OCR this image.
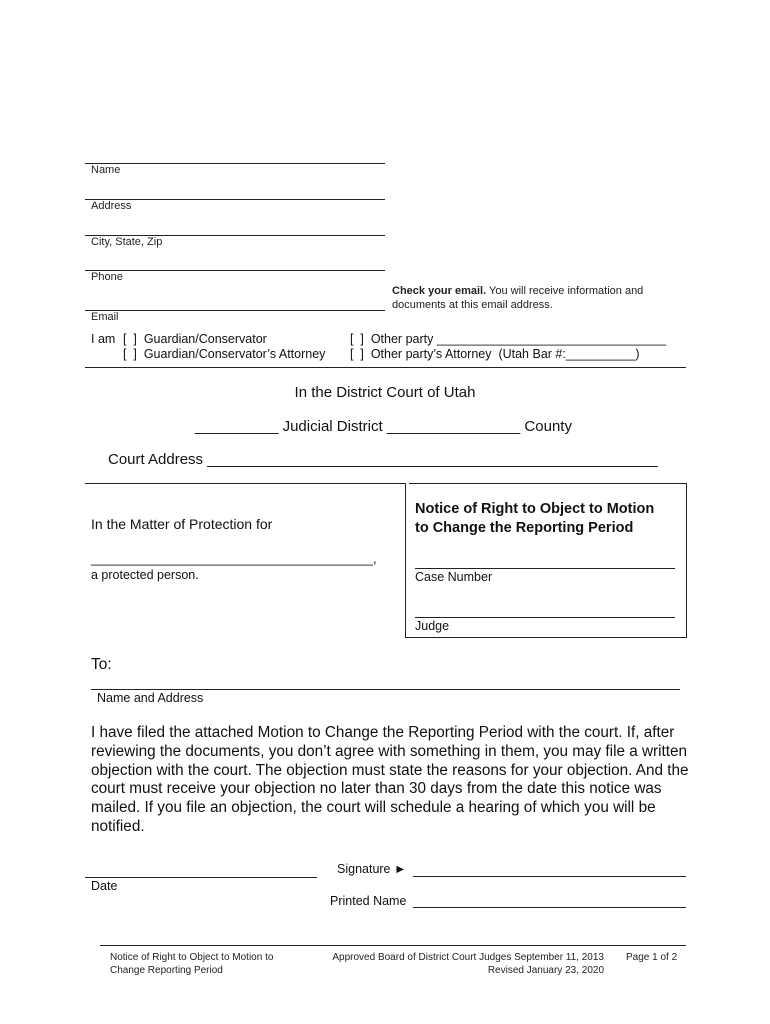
Name
Address
City, State, Zip
Phone
Check your email. You will receive information and
documents at this email address.
Email
I am [  ]  Guardian/Conservator
[  ]  Guardian/Conservator’s Attorney
[  ]  Other party _________________________________
[  ]  Other party’s Attorney  (Utah Bar #:__________)
In the District Court of Utah
__________ Judicial District ________________ County
Court Address ______________________________________________________
In the Matter of Protection for
_______________________________________,
a protected person.
Notice of Right to Object to Motion
to Change the Reporting Period
Case Number
Judge
To:
Name and Address
I have filed the attached Motion to Change the Reporting Period with the court. If, after reviewing the documents, you don’t agree with something in them, you may file a written objection with the court. The objection must state the reasons for your objection. And the court must receive your objection no later than 30 days from the date this notice was mailed. If you file an objection, the court will schedule a hearing of which you will be notified.
Date
Signature ►
Printed Name
Notice of Right to Object to Motion to
Change Reporting Period
Approved Board of District Court Judges September 11, 2013
Revised January 23, 2020
Page 1 of 2
